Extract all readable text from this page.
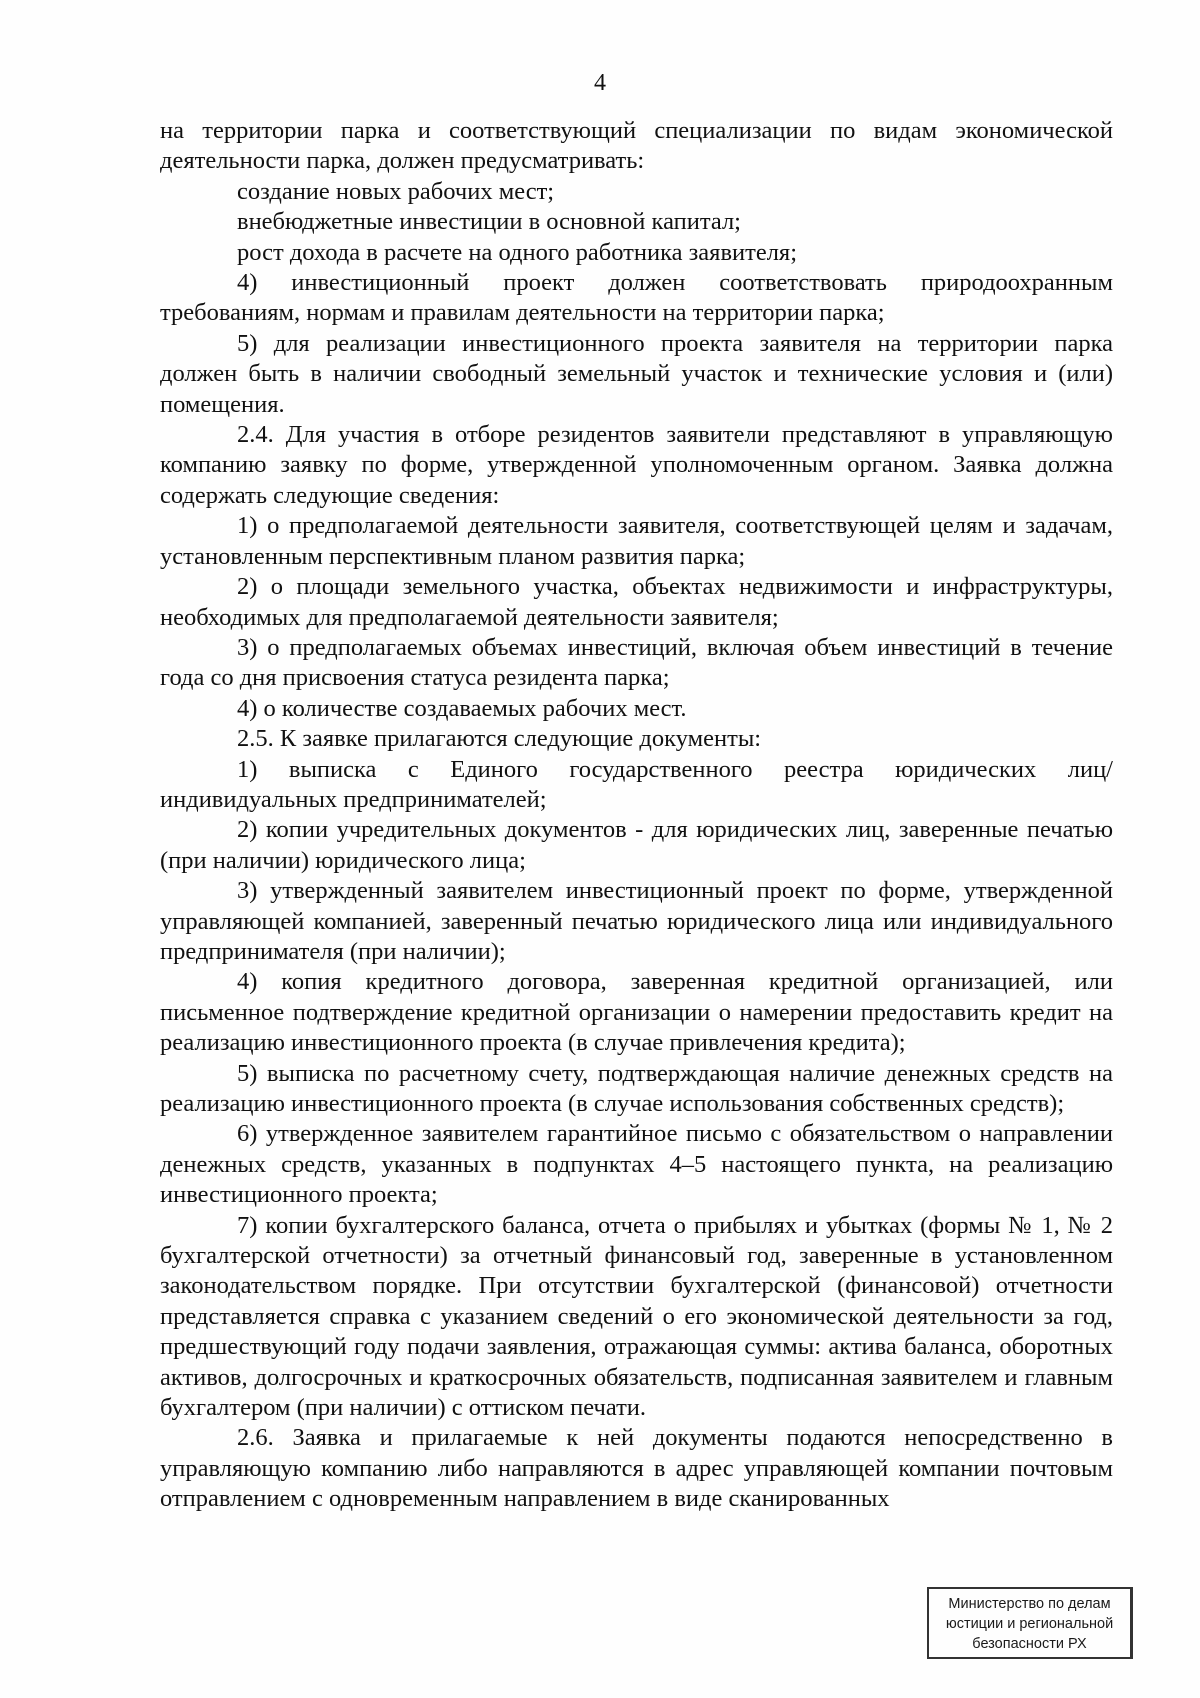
4

на территории парка и соответствующий специализации по видам экономической деятельности парка, должен предусматривать:

создание новых рабочих мест;

внебюджетные инвестиции в основной капитал;

рост дохода в расчете на одного работника заявителя;

4) инвестиционный проект должен соответствовать природоохранным требованиям, нормам и правилам деятельности на территории парка;

5) для реализации инвестиционного проекта заявителя на территории парка должен быть в наличии свободный земельный участок и технические условия и (или) помещения.

2.4. Для участия в отборе резидентов заявители представляют в управляющую компанию заявку по форме, утвержденной уполномоченным органом. Заявка должна содержать следующие сведения:

1) о предполагаемой деятельности заявителя, соответствующей целям и задачам, установленным перспективным планом развития парка;

2) о площади земельного участка, объектах недвижимости и инфраструктуры, необходимых для предполагаемой деятельности заявителя;

3) о предполагаемых объемах инвестиций, включая объем инвестиций в течение года со дня присвоения статуса резидента парка;

4) о количестве создаваемых рабочих мест.

2.5. К заявке прилагаются следующие документы:

1) выписка с Единого государственного реестра юридических лиц/ индивидуальных предпринимателей;

2) копии учредительных документов - для юридических лиц, заверенные печатью (при наличии) юридического лица;

3) утвержденный заявителем инвестиционный проект по форме, утвержденной управляющей компанией, заверенный печатью юридического лица или индивидуального предпринимателя (при наличии);

4) копия кредитного договора, заверенная кредитной организацией, или письменное подтверждение кредитной организации о намерении предоставить кредит на реализацию инвестиционного проекта (в случае привлечения кредита);

5) выписка по расчетному счету, подтверждающая наличие денежных средств на реализацию инвестиционного проекта (в случае использования собственных средств);

6) утвержденное заявителем гарантийное письмо с обязательством о направлении денежных средств, указанных в подпунктах 4–5 настоящего пункта, на реализацию инвестиционного проекта;

7) копии бухгалтерского баланса, отчета о прибылях и убытках (формы № 1, № 2 бухгалтерской отчетности) за отчетный финансовый год, заверенные в установленном законодательством порядке. При отсутствии бухгалтерской (финансовой) отчетности представляется справка с указанием сведений о его экономической деятельности за год, предшествующий году подачи заявления, отражающая суммы: актива баланса, оборотных активов, долгосрочных и краткосрочных обязательств, подписанная заявителем и главным бухгалтером (при наличии) с оттиском печати.

2.6. Заявка и прилагаемые к ней документы подаются непосредственно в управляющую компанию либо направляются в адрес управляющей компании почтовым отправлением с одновременным направлением в виде сканированных

Министерство по делам
юстиции и региональной
безопасности РХ
